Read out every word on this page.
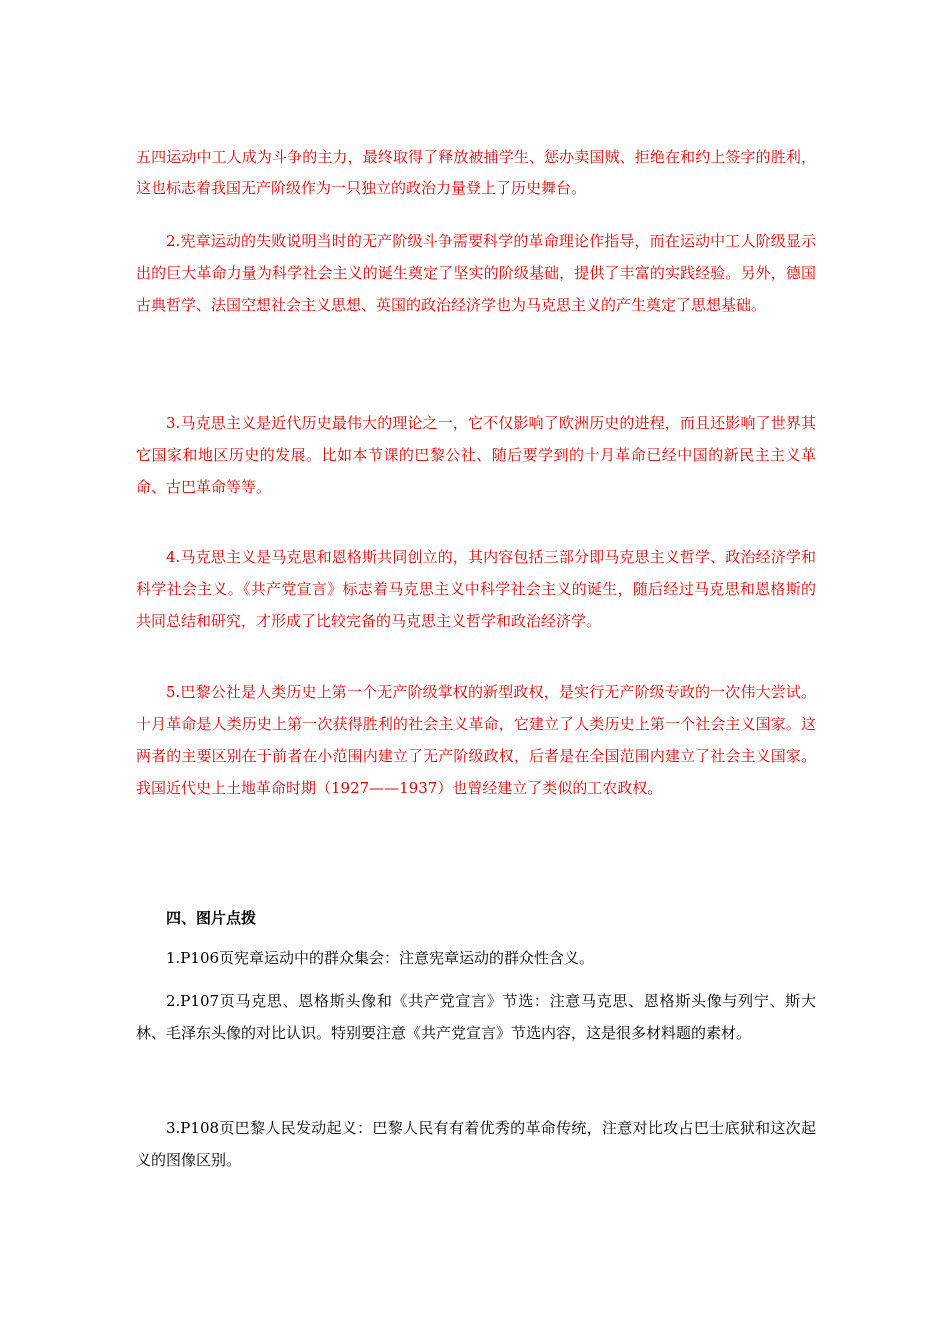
五四运动中工人成为斗争的主力，最终取得了释放被捕学生、惩办卖国贼、拒绝在和约上签字的胜利，这也标志着我国无产阶级作为一只独立的政治力量登上了历史舞台。

2.宪章运动的失败说明当时的无产阶级斗争需要科学的革命理论作指导，而在运动中工人阶级显示出的巨大革命力量为科学社会主义的诞生奠定了坚实的阶级基础，提供了丰富的实践经验。另外，德国古典哲学、法国空想社会主义思想、英国的政治经济学也为马克思主义的产生奠定了思想基础。

3.马克思主义是近代历史最伟大的理论之一，它不仅影响了欧洲历史的进程，而且还影响了世界其它国家和地区历史的发展。比如本节课的巴黎公社、随后要学到的十月革命已经中国的新民主主义革命、古巴革命等等。

4.马克思主义是马克思和恩格斯共同创立的，其内容包括三部分即马克思主义哲学、政治经济学和科学社会主义。《共产党宣言》标志着马克思主义中科学社会主义的诞生，随后经过马克思和恩格斯的共同总结和研究，才形成了比较完备的马克思主义哲学和政治经济学。

5.巴黎公社是人类历史上第一个无产阶级掌权的新型政权，是实行无产阶级专政的一次伟大尝试。十月革命是人类历史上第一次获得胜利的社会主义革命，它建立了人类历史上第一个社会主义国家。这两者的主要区别在于前者在小范围内建立了无产阶级政权，后者是在全国范围内建立了社会主义国家。我国近代史上土地革命时期（1927——1937）也曾经建立了类似的工农政权。

四、图片点拨

1.P106页宪章运动中的群众集会：注意宪章运动的群众性含义。

2.P107页马克思、恩格斯头像和《共产党宣言》节选：注意马克思、恩格斯头像与列宁、斯大林、毛泽东头像的对比认识。特别要注意《共产党宣言》节选内容，这是很多材料题的素材。

3.P108页巴黎人民发动起义：巴黎人民有有着优秀的革命传统，注意对比攻占巴士底狱和这次起义的图像区别。
